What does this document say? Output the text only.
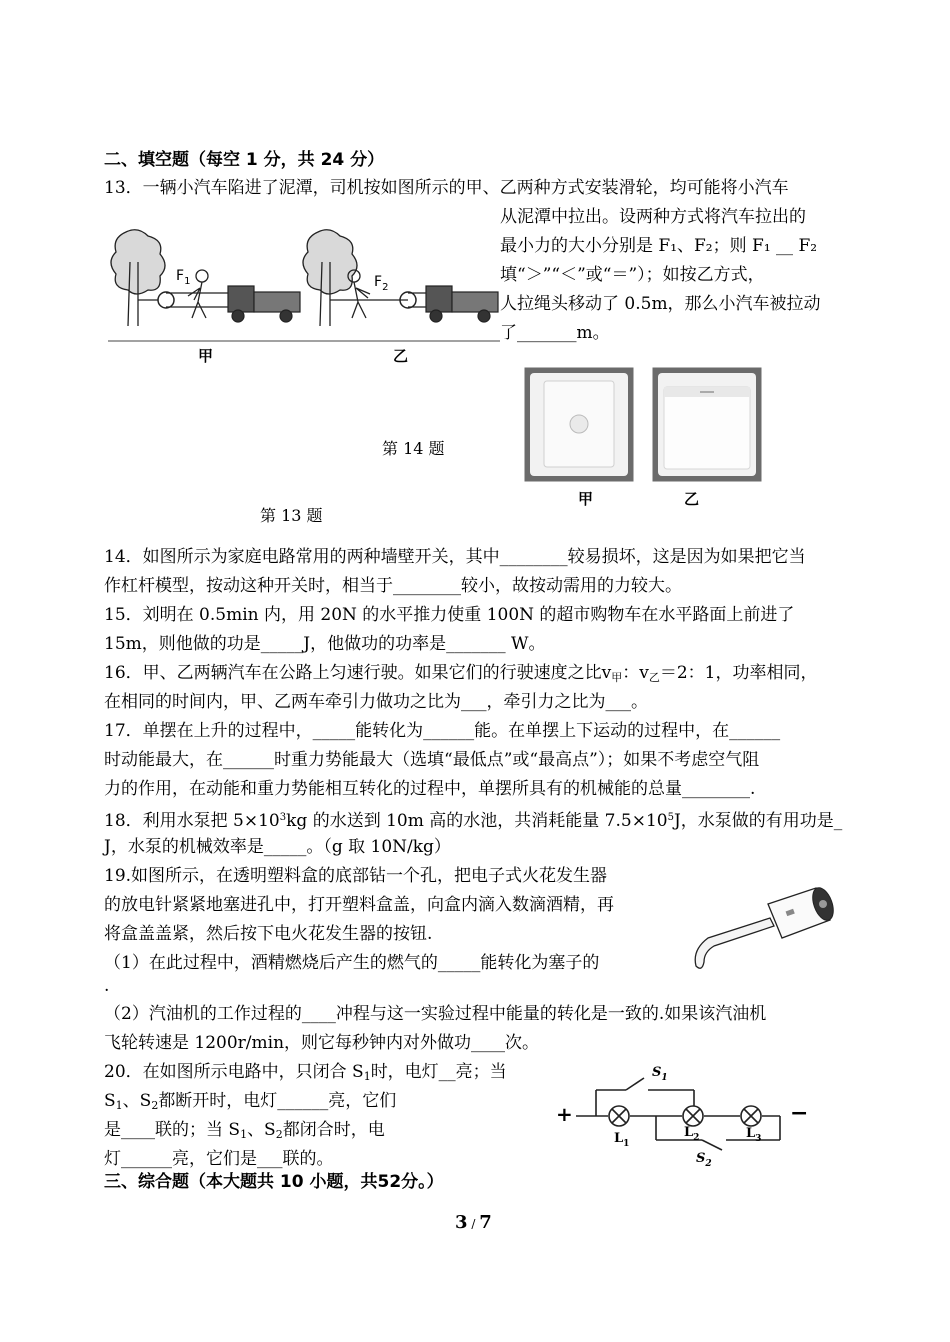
二、填空题（每空 1 分，共 24 分）
13．一辆小汽车陷进了泥潭，司机按如图所示的甲、乙两种方式安装滑轮，均可能将小汽车
从泥潭中拉出。设两种方式将汽车拉出的
最小力的大小分别是 F₁、F₂；则 F₁ __ F₂
填“＞”“＜”或“＝”）；如按乙方式，
人拉绳头移动了 0.5m，那么小汽车被拉动
了_______m。
$F_1$	$F_2$
甲	乙
第 14 题
甲	乙
第 13 题
14．如图所示为家庭电路常用的两种墙壁开关，其中________较易损坏，这是因为如果把它当
作杠杆模型，按动这种开关时，相当于________较小，故按动需用的力较大。
15．刘明在 0.5min 内，用 20N 的水平推力使重 100N 的超市购物车在水平路面上前进了
15m，则他做的功是_____J，他做功的功率是_______ W。
16．甲、乙两辆汽车在公路上匀速行驶。如果它们的行驶速度之比$v_甲$：$v_乙=2$：1，功率相同，
在相同的时间内，甲、乙两车牵引力做功之比为___，牵引力之比为___。
17．单摆在上升的过程中，_____能转化为______能。在单摆上下运动的过程中，在______
时动能最大，在______时重力势能最大（选填“最低点”或“最高点”）；如果不考虑空气阻
力的作用，在动能和重力势能相互转化的过程中，单摆所具有的机械能的总量________.
18．利用水泵把 $5\times 10^3kg$ 的水送到 10m 高的水池，共消耗能量 $7.5\times 10^5J$，水泵做的有用功是_
J，水泵的机械效率是_____。（g 取 10N/kg）
19.如图所示，在透明塑料盒的底部钻一个孔，把电子式火花发生器
的放电针紧紧地塞进孔中，打开塑料盒盖，向盒内滴入数滴酒精，再
将盒盖盖紧，然后按下电火花发生器的按钮.
（1）在此过程中，酒精燃烧后产生的燃气的_____能转化为塞子的
.
（2）汽油机的工作过程的____冲程与这一实验过程中能量的转化是一致的.如果该汽油机
飞轮转速是 1200r/min，则它每秒钟内对外做功____次。
20．在如图所示电路中，只闭合 $S_1$时，电灯__亮；当
$S_1$、$S_2$都断开时，电灯______亮，它们
是____联的；当 $S_1$、$S_2$都闭合时，电
灯______亮，它们是___联的。
+	−
$S_1$
$S_2$
$L_1$
$L_2$	$L_3$
三、综合题（本大题共 10 小题，共52分。）
3 / 7
